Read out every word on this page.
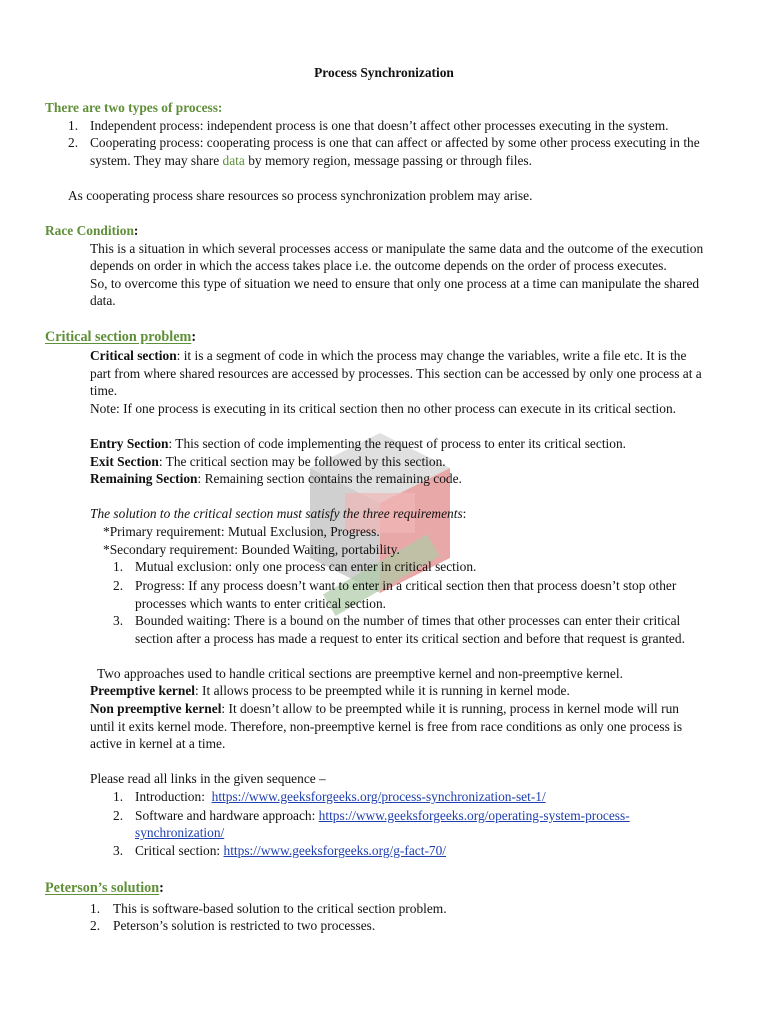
Process Synchronization
There are two types of process:
1. Independent process: independent process is one that doesn’t affect other processes executing in the system.
2. Cooperating process: cooperating process is one that can affect or affected by some other process executing in the
system. They may share data by memory region, message passing or through files.
As cooperating process share resources so process synchronization problem may arise.
Race Condition:
This is a situation in which several processes access or manipulate the same data and the outcome of the execution
depends on order in which the access takes place i.e. the outcome depends on the order of process executes.
So, to overcome this type of situation we need to ensure that only one process at a time can manipulate the shared
data.
Critical section problem:
Critical section: it is a segment of code in which the process may change the variables, write a file etc. It is the
part from where shared resources are accessed by processes. This section can be accessed by only one process at a
time.
Note: If one process is executing in its critical section then no other process can execute in its critical section.
Entry Section: This section of code implementing the request of process to enter its critical section.
Exit Section: The critical section may be followed by this section.
Remaining Section: Remaining section contains the remaining code.
The solution to the critical section must satisfy the three requirements:
*Primary requirement: Mutual Exclusion, Progress.
*Secondary requirement: Bounded Waiting, portability.
1. Mutual exclusion: only one process can enter in critical section.
2. Progress: If any process doesn’t want to enter in a critical section then that process doesn’t stop other
processes which wants to enter critical section.
3. Bounded waiting: There is a bound on the number of times that other processes can enter their critical
section after a process has made a request to enter its critical section and before that request is granted.
Two approaches used to handle critical sections are preemptive kernel and non-preemptive kernel.
Preemptive kernel: It allows process to be preempted while it is running in kernel mode.
Non preemptive kernel: It doesn’t allow to be preempted while it is running, process in kernel mode will run
until it exits kernel mode. Therefore, non-preemptive kernel is free from race conditions as only one process is
active in kernel at a time.
Please read all links in the given sequence –
1. Introduction:  https://www.geeksforgeeks.org/process-synchronization-set-1/
2. Software and hardware approach: https://www.geeksforgeeks.org/operating-system-process-
synchronization/
3. Critical section: https://www.geeksforgeeks.org/g-fact-70/
Peterson’s solution:
1. This is software-based solution to the critical section problem.
2. Peterson’s solution is restricted to two processes.
